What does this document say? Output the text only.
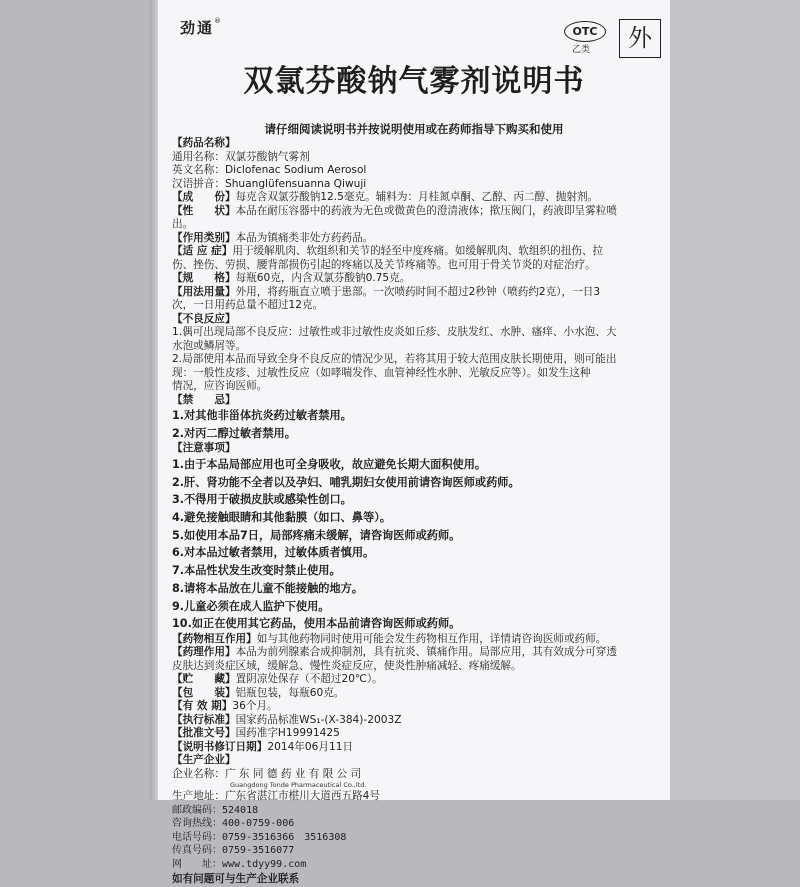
劲通®
OTC
乙类	外
双氯芬酸钠气雾剂说明书
请仔细阅读说明书并按说明使用或在药师指导下购买和使用
【药品名称】
通用名称：双氯芬酸钠气雾剂
英文名称：Diclofenac Sodium Aerosol
汉语拼音：Shuanglüfensuanna Qiwuji
【成　　份】每克含双氯芬酸钠12.5毫克。辅料为：月桂氮卓酮、乙醇、丙二醇、抛射剂。
【性　　状】本品在耐压容器中的药液为无色或微黄色的澄清液体；揿压阀门，药液即呈雾粒喷
出。
【作用类别】本品为镇痛类非处方药药品。
【适 应 症】用于缓解肌肉、软组织和关节的轻至中度疼痛。如缓解肌肉、软组织的扭伤、拉
伤、挫伤、劳损、腰背部损伤引起的疼痛以及关节疼痛等。也可用于骨关节炎的对症治疗。
【规　　格】每瓶60克，内含双氯芬酸钠0.75克。
【用法用量】外用，将药瓶直立喷于患部。一次喷药时间不超过2秒钟（喷药约2克），一日3
次，一日用药总量不超过12克。
【不良反应】
1.偶可出现局部不良反应：过敏性或非过敏性皮炎如丘疹、皮肤发红、水肿、瘙痒、小水泡、大
水泡或鳞屑等。
2.局部使用本品而导致全身不良反应的情况少见，若将其用于较大范围皮肤长期使用，则可能出
现：一般性皮疹、过敏性反应（如哮喘发作、血管神经性水肿、光敏反应等）。如发生这种
情况，应咨询医师。
【禁　　忌】
1.对其他非甾体抗炎药过敏者禁用。
2.对丙二醇过敏者禁用。
【注意事项】
1.由于本品局部应用也可全身吸收，故应避免长期大面积使用。
2.肝、肾功能不全者以及孕妇、哺乳期妇女使用前请咨询医师或药师。
3.不得用于破损皮肤或感染性创口。
4.避免接触眼睛和其他黏膜（如口、鼻等）。
5.如使用本品7日，局部疼痛未缓解，请咨询医师或药师。
6.对本品过敏者禁用，过敏体质者慎用。
7.本品性状发生改变时禁止使用。
8.请将本品放在儿童不能接触的地方。
9.儿童必须在成人监护下使用。
10.如正在使用其它药品，使用本品前请咨询医师或药师。
【药物相互作用】如与其他药物同时使用可能会发生药物相互作用，详情请咨询医师或药师。
【药理作用】本品为前列腺素合成抑制剂，具有抗炎、镇痛作用。局部应用，其有效成分可穿透
皮肤达到炎症区域，缓解急、慢性炎症反应，使炎性肿痛减轻、疼痛缓解。
【贮　　藏】置阴凉处保存（不超过20℃）。
【包　　装】铝瓶包装，每瓶60克。
【有 效 期】36个月。
【执行标准】国家药品标准WS₁-(X-384)-2003Z
【批准文号】国药准字H19991425
【说明书修订日期】2014年06月11日
【生产企业】
企业名称：广 东 同 德 药 业 有 限 公 司
Guangdong Tonde Pharmaceutical Co.,ltd.
生产地址：广东省湛江市椹川大道西五路4号
邮政编码：524018
咨询热线：400-0759-006
电话号码：0759-3516366　3516308
传真号码：0759-3516077
网　　址：www.tdyy99.com
如有问题可与生产企业联系
